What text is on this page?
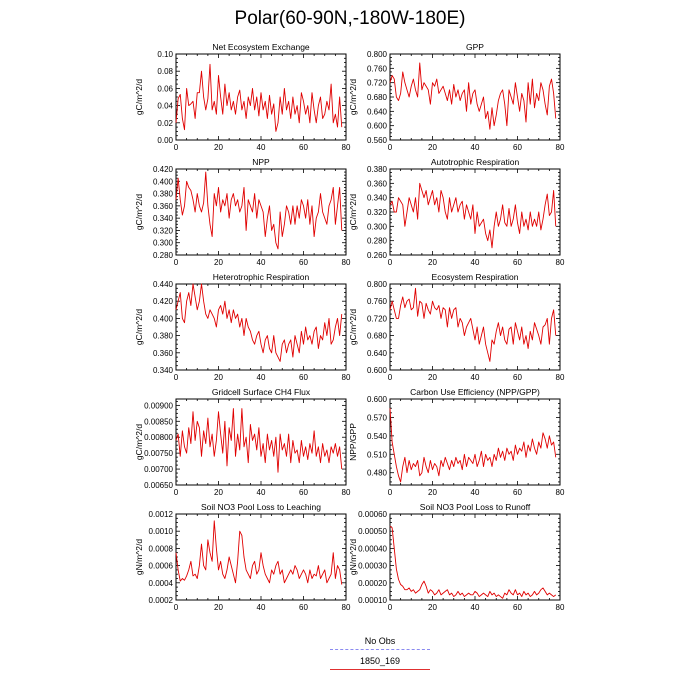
Polar(60-90N,-180W-180E)
Net Ecosystem Exchange
gC/m^2/d
0	20	40	60	80
0.00
0.02
0.04
0.06
0.08
0.10
GPP
gC/m^2/d
0	20	40	60	80
0.560
0.600
0.640
0.680
0.720
0.760
0.800
NPP
gC/m^2/d
0	20	40	60	80
0.280
0.300
0.320
0.340
0.360
0.380
0.400
0.420
Autotrophic Respiration
gC/m^2/d
0	20	40	60	80
0.260
0.280
0.300
0.320
0.340
0.360
0.380
Heterotrophic Respiration
gC/m^2/d
0	20	40	60	80
0.340
0.360
0.380
0.400
0.420
0.440
Ecosystem Respiration
gC/m^2/d
0	20	40	60	80
0.600
0.640
0.680
0.720
0.760
0.800
Gridcell Surface CH4 Flux
gC/m^2/d
0	20	40	60	80
0.00650
0.00700
0.00750
0.00800
0.00850
0.00900
Carbon Use Efficiency (NPP/GPP)
NPP/GPP
0	20	40	60	80
0.480
0.510
0.540
0.570
0.600
Soil NO3 Pool Loss to Leaching
gN/m^2/d
0	20	40	60	80
0.0002
0.0004
0.0006
0.0008
0.0010
0.0012
Soil NO3 Pool Loss to Runoff
gN/m^2/d
0	20	40	60	80
0.00010
0.00020
0.00030
0.00040
0.00050
0.00060
No Obs
1850_169
